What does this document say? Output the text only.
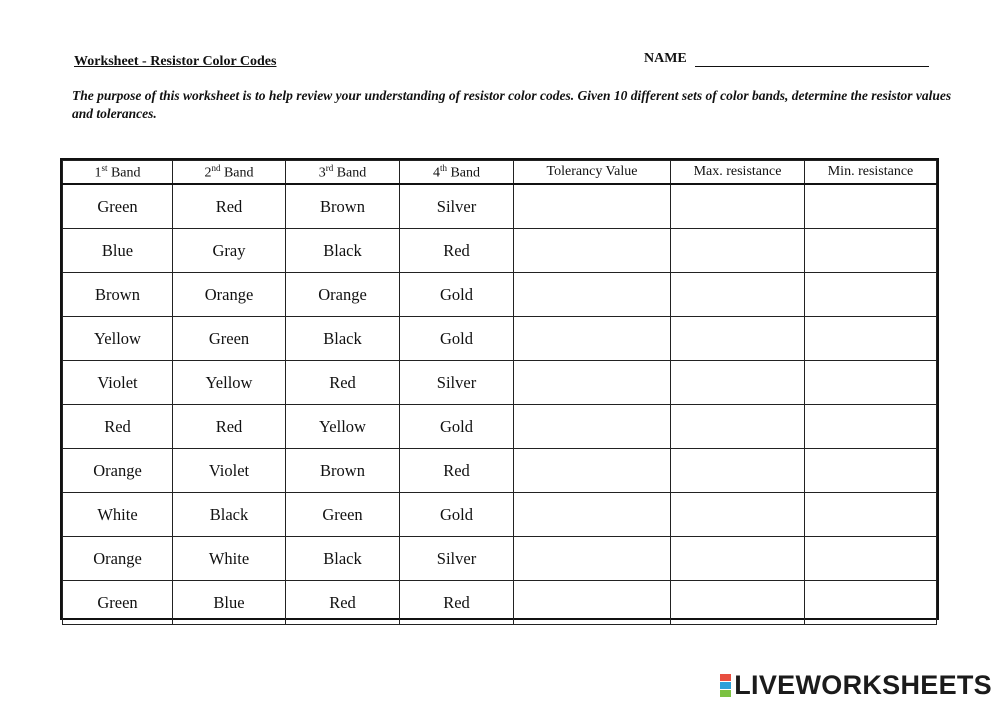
Worksheet - Resistor Color Codes	NAME
The purpose of this worksheet is to help review your understanding of resistor color codes. Given 10 different sets of color bands, determine the resistor values and tolerances.
1st Band	2nd Band	3rd Band	4th Band	Tolerancy Value	Max. resistance	Min. resistance
Green	Red	Brown	Silver			
Blue	Gray	Black	Red			
Brown	Orange	Orange	Gold			
Yellow	Green	Black	Gold			
Violet	Yellow	Red	Silver			
Red	Red	Yellow	Gold			
Orange	Violet	Brown	Red			
White	Black	Green	Gold			
Orange	White	Black	Silver			
Green	Blue	Red	Red			
LIVEWORKSHEETS
